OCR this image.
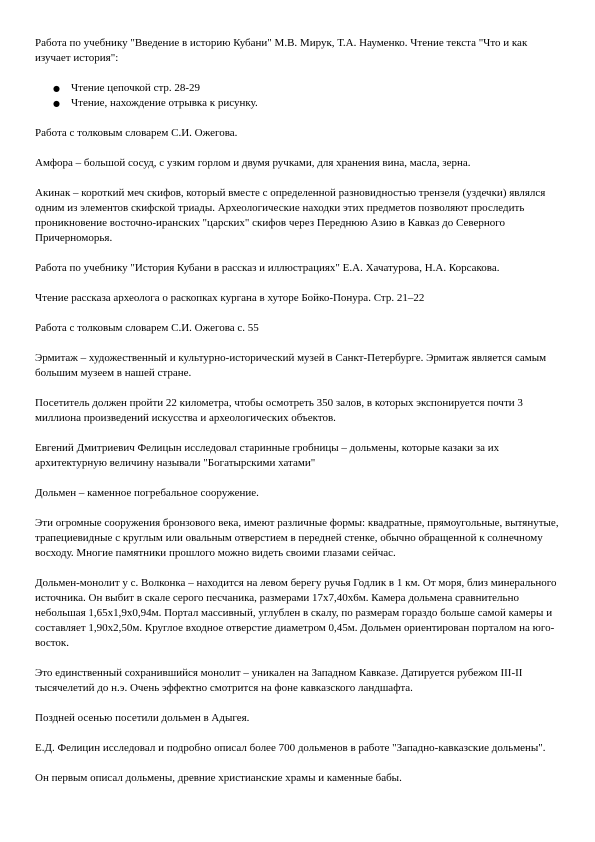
Работа по учебнику "Введение в историю Кубани" М.В. Мирук, Т.А. Науменко. Чтение текста "Что и как изучает история":

● Чтение цепочкой стр. 28-29
● Чтение, нахождение отрывка к рисунку.

Работа с толковым словарем С.И. Ожегова.

Амфора – большой сосуд, с узким горлом и двумя ручками, для хранения вина, масла, зерна.

Акинак – короткий меч скифов, который вместе с определенной разновидностью трензеля (уздечки) являлся одним из элементов скифской триады. Археологические находки этих предметов позволяют проследить проникновение восточно-иранских "царских" скифов через Переднюю Азию в Кавказ до Северного Причерноморья.

Работа по учебнику "История Кубани в рассказ и иллюстрациях" Е.А. Хачатурова, Н.А. Корсакова.

Чтение рассказа археолога о раскопках кургана в хуторе Бойко-Понура. Стр. 21–22

Работа с толковым словарем С.И. Ожегова с. 55

Эрмитаж – художественный и культурно-исторический музей в Санкт-Петербурге. Эрмитаж является самым большим музеем в нашей стране.

Посетитель должен пройти 22 километра, чтобы осмотреть 350 залов, в которых экспонируется почти 3 миллиона произведений искусства и археологических объектов.

Евгений Дмитриевич Фелицын исследовал старинные гробницы – дольмены, которые казаки за их архитектурную величину называли "Богатырскими хатами"

Дольмен – каменное погребальное сооружение.

Эти огромные сооружения бронзового века, имеют различные формы: квадратные, прямоугольные, вытянутые, трапециевидные с круглым или овальным отверстием в передней стенке, обычно обращенной к солнечному восходу. Многие памятники прошлого можно видеть своими глазами сейчас.

Дольмен-монолит у с. Волконка – находится на левом берегу ручья Годлик в 1 км. От моря, близ минерального источника. Он выбит в скале серого песчаника, размерами 17х7,40х6м. Камера дольмена сравнительно небольшая 1,65х1,9х0,94м. Портал массивный, углублен в скалу, по размерам гораздо больше самой камеры и составляет 1,90х2,50м. Круглое входное отверстие диаметром 0,45м. Дольмен ориентирован порталом на юго-восток.

Это единственный сохранившийся монолит – уникален на Западном Кавказе. Датируется рубежом III-II тысячелетий до н.э. Очень эффектно смотрится на фоне кавказского ландшафта.

Поздней осенью посетили дольмен в Адыгея.

Е.Д. Фелицин исследовал и подробно описал более 700 дольменов в работе "Западно-кавказские дольмены".

Он первым описал дольмены, древние христианские храмы и каменные бабы.
